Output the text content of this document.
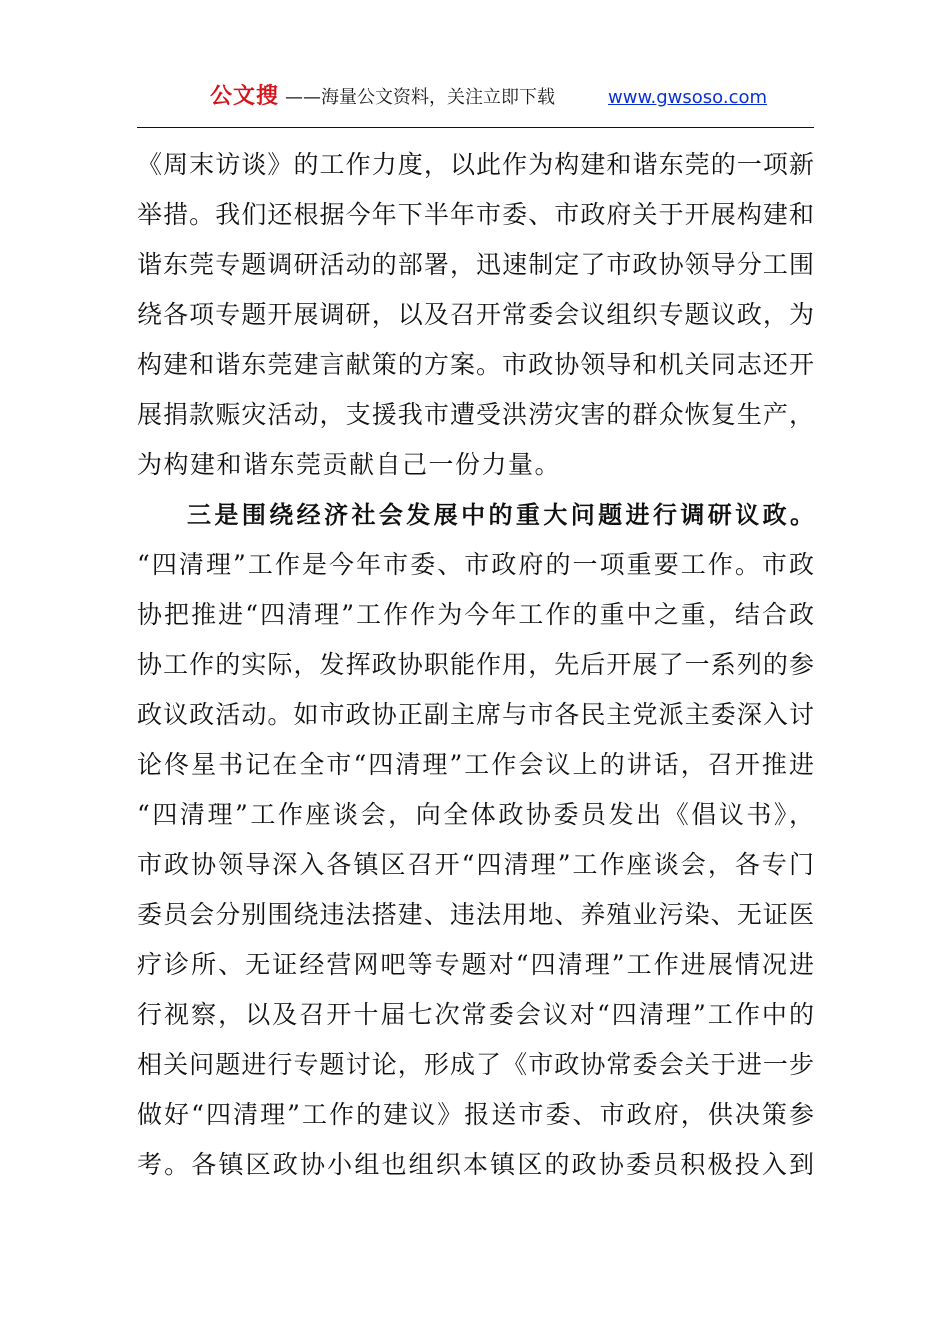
公文搜 ——海量公文资料，关注立即下载	www.gwsoso.com
《周末访谈》的工作力度，以此作为构建和谐东莞的一项新
举措。我们还根据今年下半年市委、市政府关于开展构建和
谐东莞专题调研活动的部署，迅速制定了市政协领导分工围
绕各项专题开展调研，以及召开常委会议组织专题议政，为
构建和谐东莞建言献策的方案。市政协领导和机关同志还开
展捐款赈灾活动，支援我市遭受洪涝灾害的群众恢复生产，
为构建和谐东莞贡献自己一份力量。
三是围绕经济社会发展中的重大问题进行调研议政。
“四清理”工作是今年市委、市政府的一项重要工作。市政
协把推进“四清理”工作作为今年工作的重中之重，结合政
协工作的实际，发挥政协职能作用，先后开展了一系列的参
政议政活动。如市政协正副主席与市各民主党派主委深入讨
论佟星书记在全市“四清理”工作会议上的讲话，召开推进
“四清理”工作座谈会，向全体政协委员发出《倡议书》，
市政协领导深入各镇区召开“四清理”工作座谈会，各专门
委员会分别围绕违法搭建、违法用地、养殖业污染、无证医
疗诊所、无证经营网吧等专题对“四清理”工作进展情况进
行视察，以及召开十届七次常委会议对“四清理”工作中的
相关问题进行专题讨论，形成了《市政协常委会关于进一步
做好“四清理”工作的建议》报送市委、市政府，供决策参
考。各镇区政协小组也组织本镇区的政协委员积极投入到
